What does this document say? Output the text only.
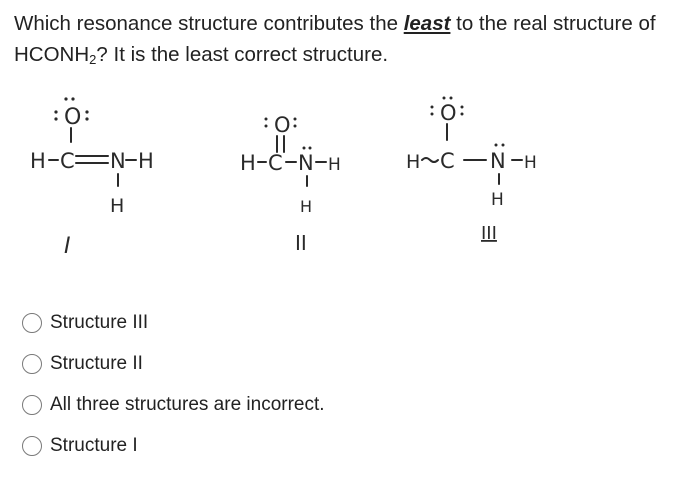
Which resonance structure contributes the least to the real structure of
$HCONH_2$? It is the least correct structure.
O
H C N H
H
I
O
H C N H
H
II
O
H C N H
H
III
Structure III
Structure II
All three structures are incorrect.
Structure I
